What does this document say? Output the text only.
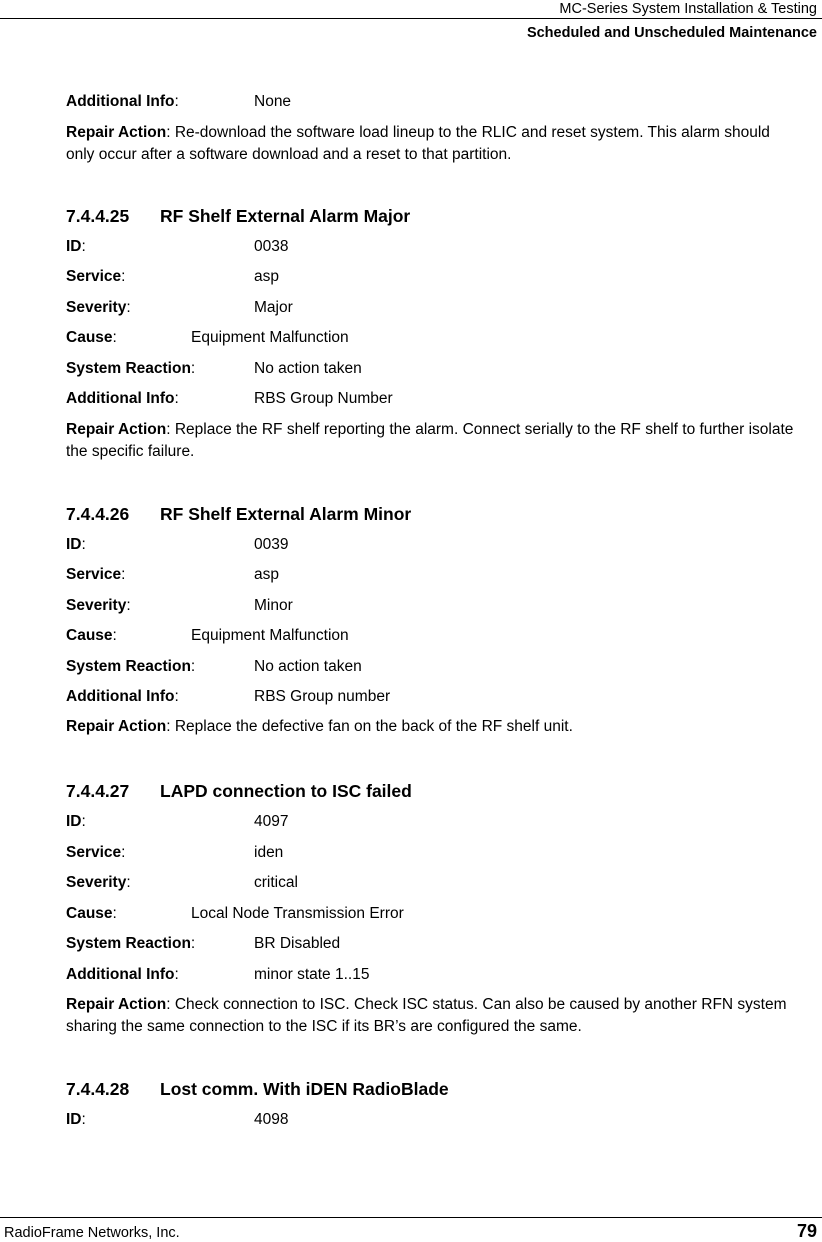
MC-Series System Installation & Testing
Scheduled and Unscheduled Maintenance
Additional Info:	None
Repair Action: Re-download the software load lineup to the RLIC and reset system. This alarm should only occur after a software download and a reset to that partition.
7.4.4.25 RF Shelf External Alarm Major
ID:	0038
Service:	asp
Severity:	Major
Cause:	Equipment Malfunction
System Reaction:	No action taken
Additional Info:	RBS Group Number
Repair Action: Replace the RF shelf reporting the alarm. Connect serially to the RF shelf to further isolate the specific failure.
7.4.4.26 RF Shelf External Alarm Minor
ID:	0039
Service:	asp
Severity:	Minor
Cause:	Equipment Malfunction
System Reaction:	No action taken
Additional Info:	RBS Group number
Repair Action: Replace the defective fan on the back of the RF shelf unit.
7.4.4.27 LAPD connection to ISC failed
ID:	4097
Service:	iden
Severity:	critical
Cause:	Local Node Transmission Error
System Reaction:	BR Disabled
Additional Info:	minor state 1..15
Repair Action: Check connection to ISC. Check ISC status. Can also be caused by another RFN system sharing the same connection to the ISC if its BR’s are configured the same.
7.4.4.28 Lost comm. With iDEN RadioBlade
ID:	4098
RadioFrame Networks, Inc.	79
